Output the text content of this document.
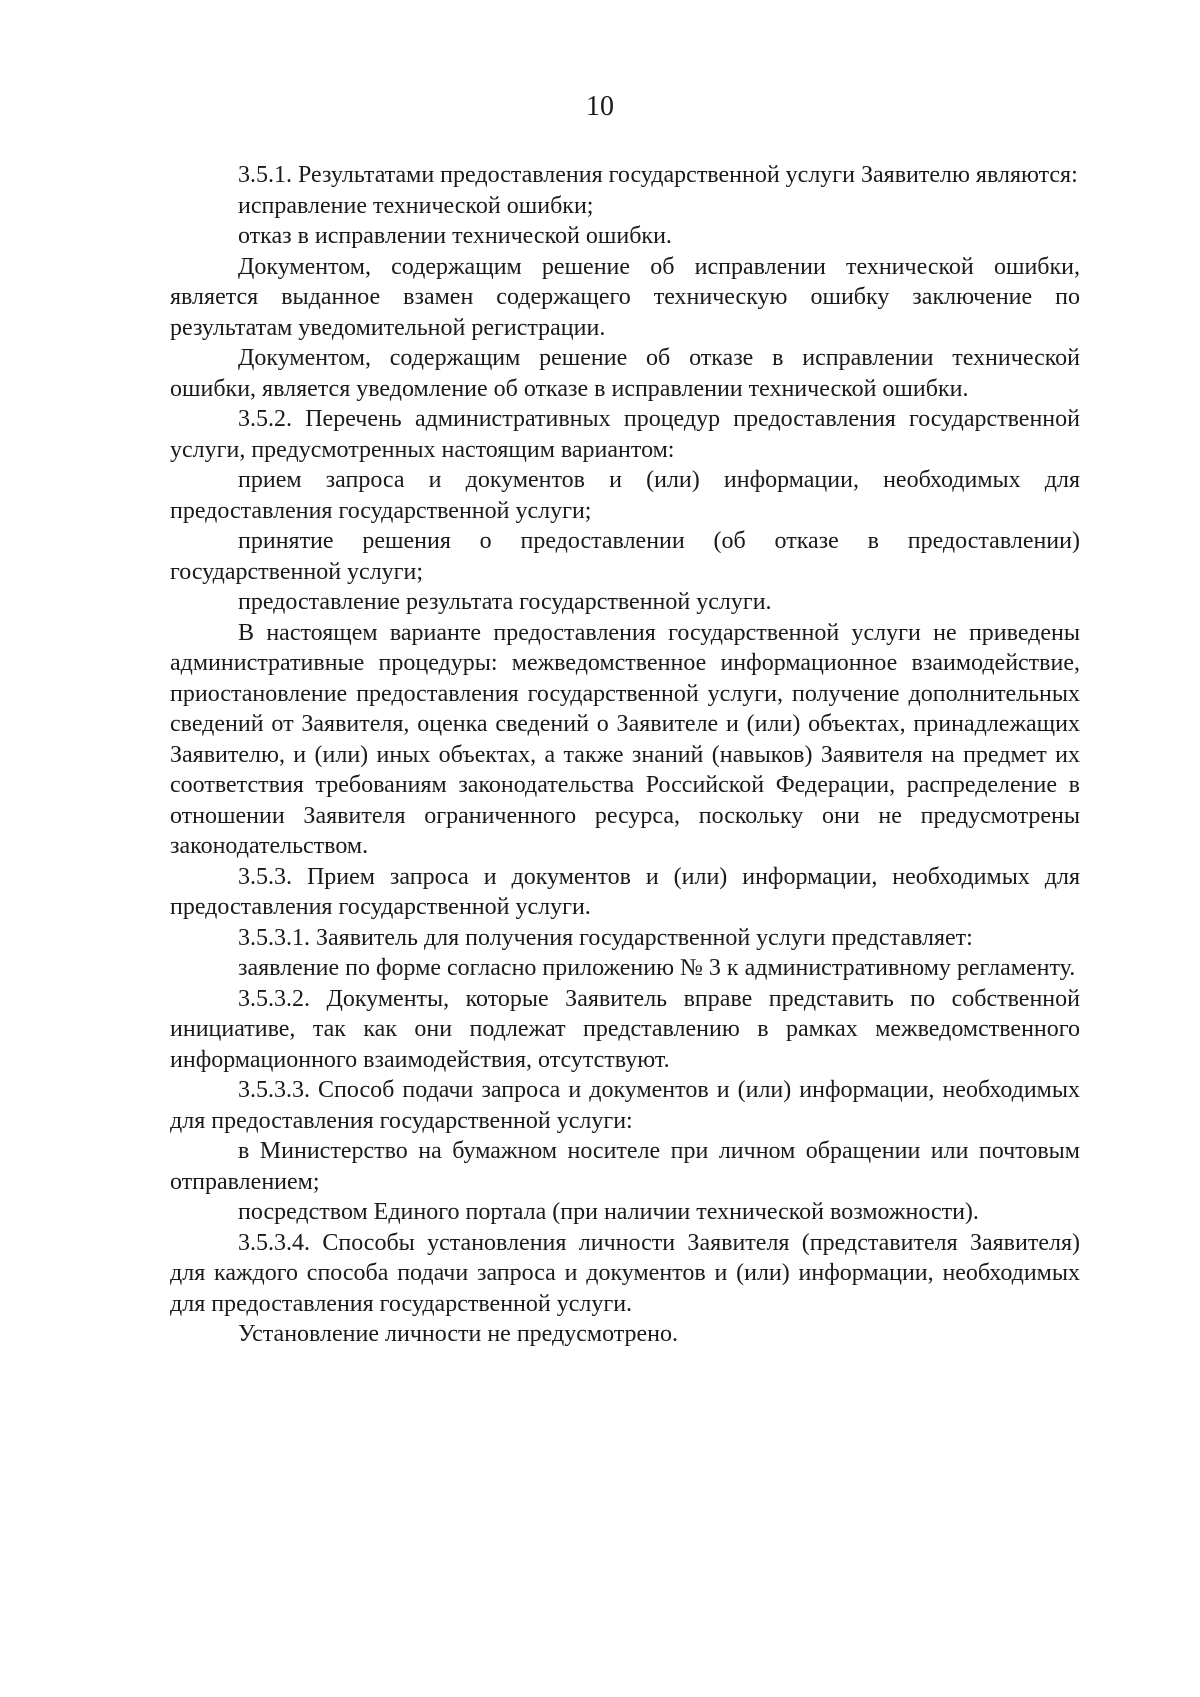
10

3.5.1. Результатами предоставления государственной услуги Заявителю являются:

исправление технической ошибки;

отказ в исправлении технической ошибки.

Документом, содержащим решение об исправлении технической ошибки, является выданное взамен содержащего техническую ошибку заключение по результатам уведомительной регистрации.

Документом, содержащим решение об отказе в исправлении технической ошибки, является уведомление об отказе в исправлении технической ошибки.

3.5.2. Перечень административных процедур предоставления государственной услуги, предусмотренных настоящим вариантом:

прием запроса и документов и (или) информации, необходимых для предоставления государственной услуги;

принятие решения о предоставлении (об отказе в предоставлении) государственной услуги;

предоставление результата государственной услуги.

В настоящем варианте предоставления государственной услуги не приведены административные процедуры: межведомственное информационное взаимодействие, приостановление предоставления государственной услуги, получение дополнительных сведений от Заявителя, оценка сведений о Заявителе и (или) объектах, принадлежащих Заявителю, и (или) иных объектах, а также знаний (навыков) Заявителя на предмет их соответствия требованиям законодательства Российской Федерации, распределение в отношении Заявителя ограниченного ресурса, поскольку они не предусмотрены законодательством.

3.5.3. Прием запроса и документов и (или) информации, необходимых для предоставления государственной услуги.

3.5.3.1. Заявитель для получения государственной услуги представляет:

заявление по форме согласно приложению № 3 к административному регламенту.

3.5.3.2. Документы, которые Заявитель вправе представить по собственной инициативе, так как они подлежат представлению в рамках межведомственного информационного взаимодействия, отсутствуют.

3.5.3.3. Способ подачи запроса и документов и (или) информации, необходимых для предоставления государственной услуги:

в Министерство на бумажном носителе при личном обращении или почтовым отправлением;

посредством Единого портала (при наличии технической возможности).

3.5.3.4. Способы установления личности Заявителя (представителя Заявителя) для каждого способа подачи запроса и документов и (или) информации, необходимых для предоставления государственной услуги.

Установление личности не предусмотрено.
